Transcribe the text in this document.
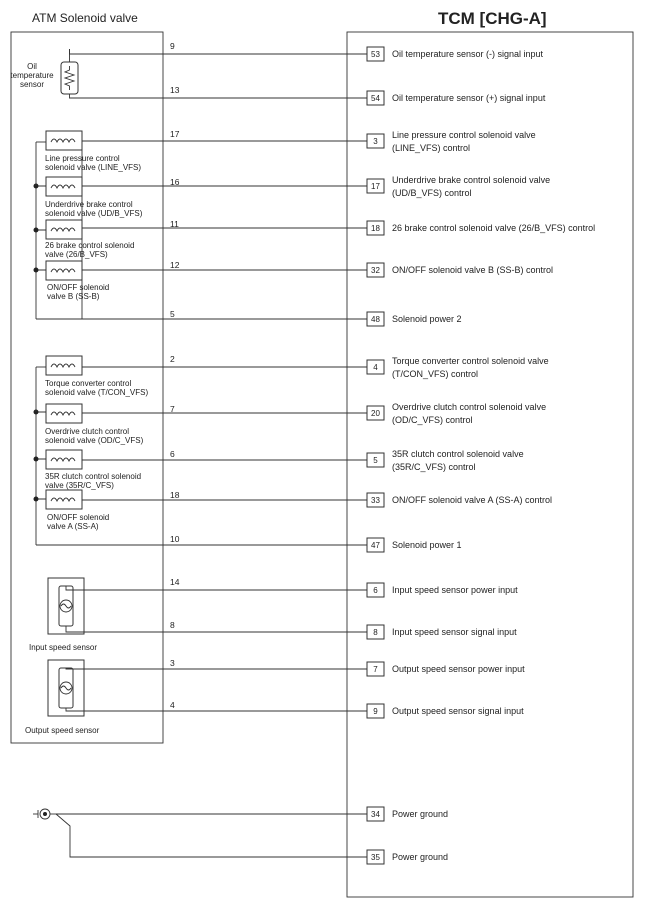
ATM Solenoid valve	TCM [CHG-A]
Oil
temperature
sensor
Line pressure control
solenoid valve (LINE_VFS)
Underdrive brake control
solenoid valve (UD/B_VFS)
26 brake control solenoid
valve (26/B_VFS)
ON/OFF solenoid
valve B (SS-B)
Torque converter control
solenoid valve (T/CON_VFS)
Overdrive clutch control
solenoid valve (OD/C_VFS)
35R clutch control solenoid
valve (35R/C_VFS)
ON/OFF solenoid
valve A (SS-A)
Input speed sensor
Output speed sensor
9
13
17
16
11
12
5
2
7
6
18
10
14
8
3
4
53 Oil temperature sensor (-) signal input
54 Oil temperature sensor (+) signal input
3
Line pressure control solenoid valve
(LINE_VFS) control
17
Underdrive brake control solenoid valve
(UD/B_VFS) control
18 26 brake control solenoid valve (26/B_VFS) control
32 ON/OFF solenoid valve B (SS-B) control
48 Solenoid power 2
4
Torque converter control solenoid valve
(T/CON_VFS) control
20
Overdrive clutch control solenoid valve
(OD/C_VFS) control
5
35R clutch control solenoid valve
(35R/C_VFS) control
33 ON/OFF solenoid valve A (SS-A) control
47 Solenoid power 1
6 Input speed sensor power input
8 Input speed sensor signal input
7 Output speed sensor power input
9 Output speed sensor signal input
34 Power ground
35 Power ground
